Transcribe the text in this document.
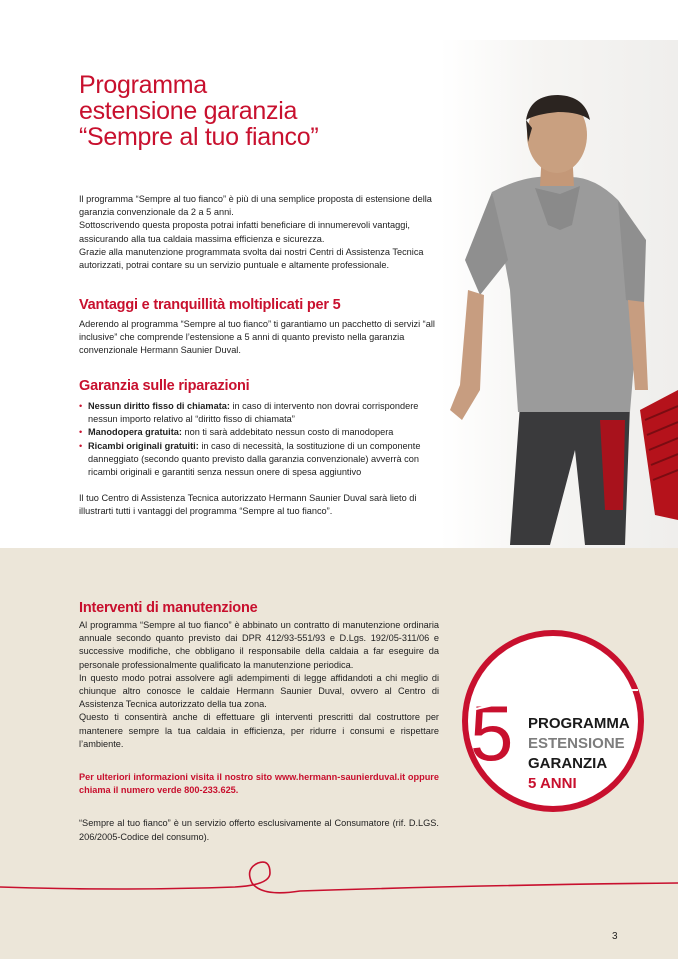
Programma
estensione garanzia
“Sempre al tuo fianco”

Il programma “Sempre al tuo fianco” è più di una semplice proposta di estensione della garanzia convenzionale da 2 a 5 anni.

Sottoscrivendo questa proposta potrai infatti beneficiare di innumerevoli vantaggi, assicurando alla tua caldaia massima efficienza e sicurezza.

Grazie alla manutenzione programmata svolta dai nostri Centri di Assistenza Tecnica autorizzati, potrai contare su un servizio puntuale e altamente professionale.

Vantaggi e tranquillità moltiplicati per 5

Aderendo al programma “Sempre al tuo fianco” ti garantiamo un pacchetto di servizi “all inclusive” che comprende l’estensione a 5 anni di quanto previsto nella garanzia convenzionale Hermann Saunier Duval.

Garanzia sulle riparazioni
• Nessun diritto fisso di chiamata: in caso di intervento non dovrai corrispondere nessun importo relativo al “diritto fisso di chiamata”
• Manodopera gratuita: non ti sarà addebitato nessun costo di manodopera
• Ricambi originali gratuiti: in caso di necessità, la sostituzione di un componente danneggiato (secondo quanto previsto dalla garanzia convenzionale) avverrà con ricambi originali e garantiti senza nessun onere di spesa aggiuntivo

Il tuo Centro di Assistenza Tecnica autorizzato Hermann Saunier Duval sarà lieto di illustrarti tutti i vantaggi del programma “Sempre al tuo fianco”.

Interventi di manutenzione

Al programma “Sempre al tuo fianco” è abbinato un contratto di manutenzione ordinaria annuale secondo quanto previsto dai DPR 412/93-551/93 e D.Lgs. 192/05-311/06 e successive modifiche, che obbligano il responsabile della caldaia a far eseguire da personale professionalmente qualificato la manutenzione periodica.

In questo modo potrai assolvere agli adempimenti di legge affidandoti a chi meglio di chiunque altro conosce le caldaie Hermann Saunier Duval, ovvero al Centro di Assistenza Tecnica autorizzato della tua zona.

Questo ti consentirà anche di effettuare gli interventi prescritti dal costruttore per mantenere sempre la tua caldaia in efficienza, per ridurre i consumi e rispettare l’ambiente.

Per ulteriori informazioni visita il nostro sito www.hermann-saunierduval.it oppure chiama il numero verde 800-233.625.

“Sempre al tuo fianco” è un servizio offerto esclusivamente al Consumatore (rif. D.LGS. 206/2005-Codice del consumo).

5
Sempre
al tuo
fianco
PROGRAMMA
ESTENSIONE
GARANZIA
5 ANNI
3
